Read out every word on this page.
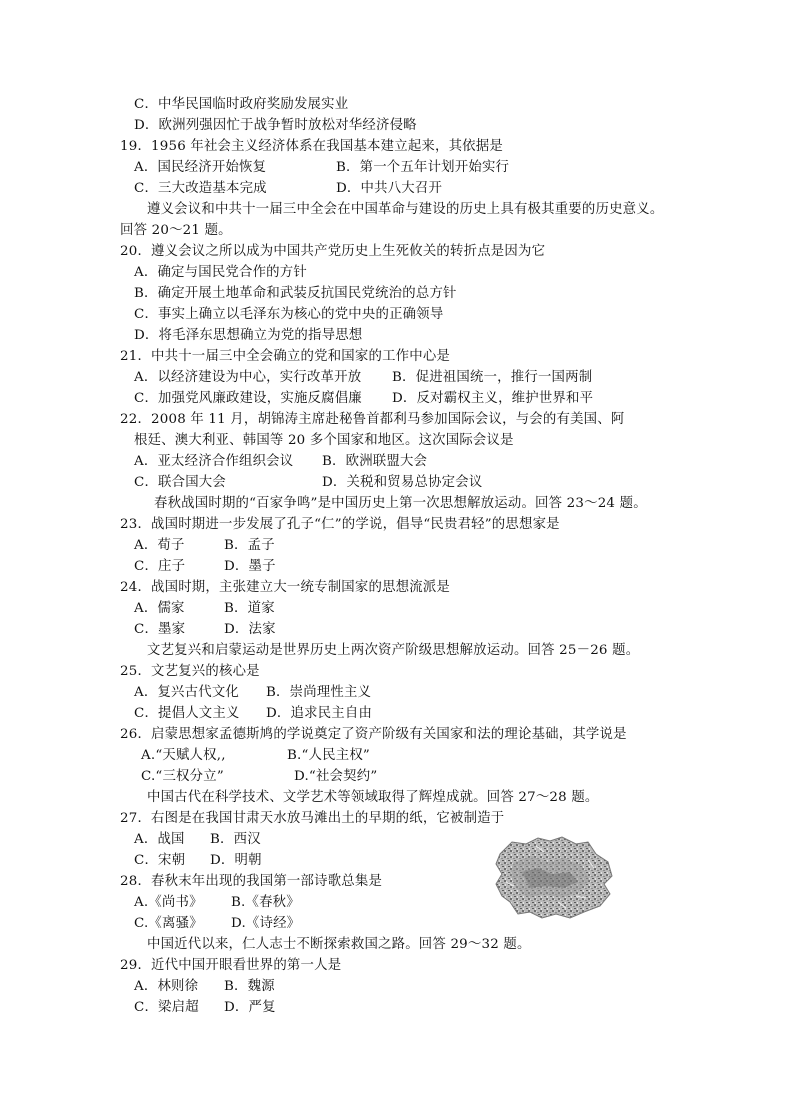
C．中华民国临时政府奖励发展实业
D．欧洲列强因忙于战争暂时放松对华经济侵略
19．1956 年社会主义经济体系在我国基本建立起来，其依据是
A．国民经济开始恢复	B．第一个五年计划开始实行
C．三大改造基本完成	D．中共八大召开
遵义会议和中共十一届三中全会在中国革命与建设的历史上具有极其重要的历史意义。
回答 20～21 题。
20．遵义会议之所以成为中国共产党历史上生死攸关的转折点是因为它
A．确定与国民党合作的方针
B．确定开展土地革命和武装反抗国民党统治的总方针
C．事实上确立以毛泽东为核心的党中央的正确领导
D．将毛泽东思想确立为党的指导思想
21．中共十一届三中全会确立的党和国家的工作中心是
A．以经济建设为中心，实行改革开放 B．促进祖国统一，推行一国两制
C．加强党风廉政建设，实施反腐倡廉 D．反对霸权主义，维护世界和平
22．2008 年 11 月，胡锦涛主席赴秘鲁首都利马参加国际会议，与会的有美国、阿
根廷、澳大利亚、韩国等 20 多个国家和地区。这次国际会议是
A．亚太经济合作组织会议 B．欧洲联盟大会
C．联合国大会	D．关税和贸易总协定会议
春秋战国时期的“百家争鸣”是中国历史上第一次思想解放运动。回答 23～24 题。
23．战国时期进一步发展了孔子“仁”的学说，倡导“民贵君轻”的思想家是
A．荀子	B．孟子
C．庄子	D．墨子
24．战国时期，主张建立大一统专制国家的思想流派是
A．儒家	B．道家
C．墨家	D．法家
文艺复兴和启蒙运动是世界历史上两次资产阶级思想解放运动。回答 25－26 题。
25．文艺复兴的核心是
A．复兴古代文化 B．崇尚理性主义
C．提倡人文主义 D．追求民主自由
26．启蒙思想家孟德斯鸠的学说奠定了资产阶级有关国家和法的理论基础，其学说是
A.“天赋人权,,	B.“人民主权”
C.“三权分立”	D.“社会契约”
中国古代在科学技术、文学艺术等领域取得了辉煌成就。回答 27～28 题。
27．右图是在我国甘肃天水放马滩出土的早期的纸，它被制造于
A．战国 B．西汉
C．宋朝 D．明朝
28．春秋末年出现的我国第一部诗歌总集是
A.《尚书》 B.《春秋》
C.《离骚》 D.《诗经》
中国近代以来，仁人志士不断探索救国之路。回答 29～32 题。
29．近代中国开眼看世界的第一人是
A．林则徐 B．魏源
C．梁启超 D．严复
